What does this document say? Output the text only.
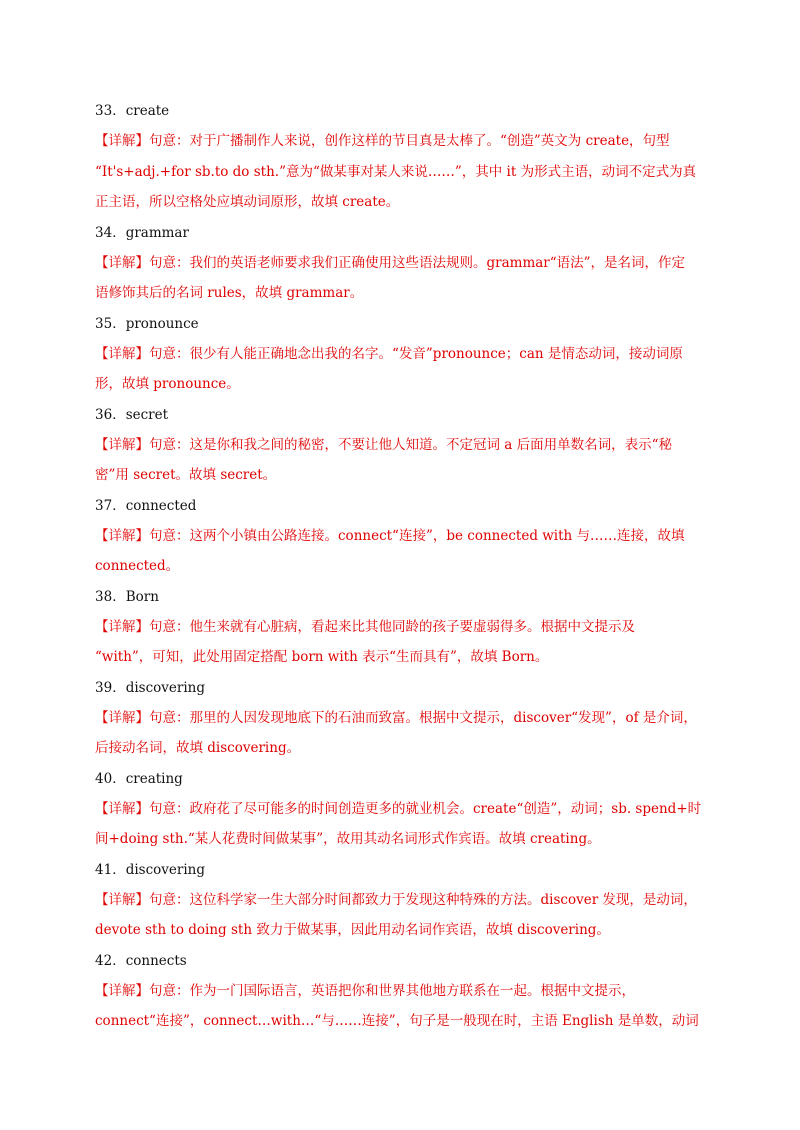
33．create

【详解】句意：对于广播制作人来说，创作这样的节目真是太棒了。“创造”英文为 create，句型
“It's+adj.+for sb.to do sth.”意为“做某事对某人来说……”，其中 it 为形式主语，动词不定式为真
正主语，所以空格处应填动词原形，故填 create。

34．grammar

【详解】句意：我们的英语老师要求我们正确使用这些语法规则。grammar“语法”，是名词，作定
语修饰其后的名词 rules，故填 grammar。

35．pronounce

【详解】句意：很少有人能正确地念出我的名字。“发音”pronounce；can 是情态动词，接动词原
形，故填 pronounce。

36．secret

【详解】句意：这是你和我之间的秘密，不要让他人知道。不定冠词 a 后面用单数名词，表示“秘
密”用 secret。故填 secret。

37．connected

【详解】句意：这两个小镇由公路连接。connect“连接”，be connected with 与……连接，故填
connected。

38．Born

【详解】句意：他生来就有心脏病，看起来比其他同龄的孩子要虚弱得多。根据中文提示及
“with”，可知，此处用固定搭配 born with 表示“生而具有”，故填 Born。

39．discovering

【详解】句意：那里的人因发现地底下的石油而致富。根据中文提示，discover“发现”，of 是介词，
后接动名词，故填 discovering。

40．creating

【详解】句意：政府花了尽可能多的时间创造更多的就业机会。create“创造”，动词；sb. spend+时
间+doing sth.“某人花费时间做某事”，故用其动名词形式作宾语。故填 creating。

41．discovering

【详解】句意：这位科学家一生大部分时间都致力于发现这种特殊的方法。discover 发现，是动词，
devote sth to doing sth 致力于做某事，因此用动名词作宾语，故填 discovering。

42．connects

【详解】句意：作为一门国际语言，英语把你和世界其他地方联系在一起。根据中文提示，
connect“连接”，connect…with…“与……连接”，句子是一般现在时，主语 English 是单数，动词
